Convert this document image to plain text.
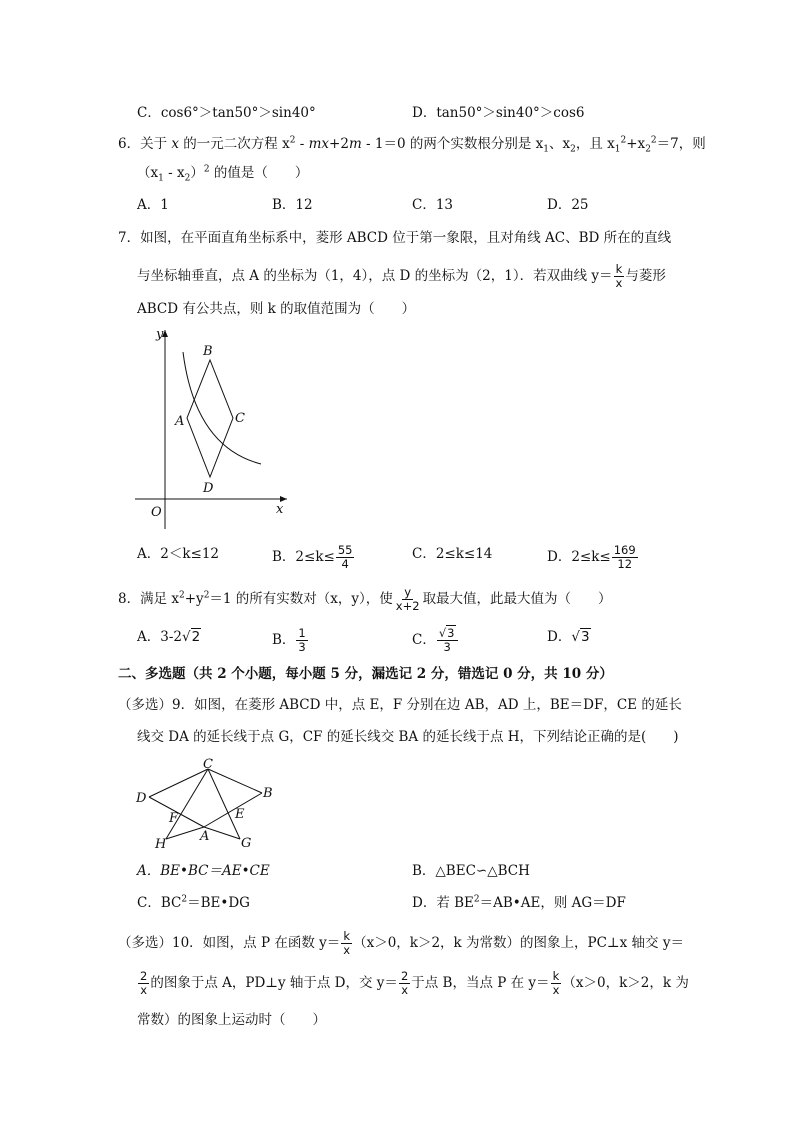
C．cos6°＞tan50°＞sin40°	D．tan50°＞sin40°＞cos6
6．关于 x 的一元二次方程 $x^2 - mx+2m - 1=0$ 的两个实数根分别是 $x_1$、$x_2$，且 $x_1^2+x_2^2=7$，则
$(x_1 - x_2)^2$ 的值是（　　）
A．1	B．12	C．13	D．25
7．如图，在平面直角坐标系中，菱形 ABCD 位于第一象限，且对角线 AC、BD 所在的直线
与坐标轴垂直，点 A 的坐标为（1，4），点 D 的坐标为（2，1）．若双曲线 $y= \frac{k}{x}$ 与菱形
ABCD 有公共点，则 k 的取值范围为（　　）
y
B
A	C
D
O	x
A．2＜k≤12	B．$2\le k\le \frac{55}{4}$	C．2≤k≤14	D．$2\le k\le \frac{169}{12}$
8．满足 $x^2+y^2=1$ 的所有实数对（x，y），使 $\frac{y}{x+2}$ 取最大值，此最大值为（　　）
A．3-2√2	B． $\frac{1}{3}$	C． $\frac{√3}{3}$	D．√3
二、多选题（共 2 个小题，每小题 5 分，漏选记 2 分，错选记 0 分，共 10 分）
（多选）9．如图，在菱形 ABCD 中，点 E，F 分别在边 AB，AD 上，BE＝DF，CE 的延长
线交 DA 的延长线于点 G，CF 的延长线交 BA 的延长线于点 H，下列结论正确的是(　　)
C
D	B
F	E
A
H	G
A．BE•BC＝AE•CE	B．△BEC∽△BCH
C．$BC^2=BE•DG$	D．若 $BE^2=AB•AE$，则 AG＝DF
（多选）10．如图，点 P 在函数 $y= \frac{k}{x} (x>0$，k＞2，k 为常数）的图象上，PC⊥x 轴交 y＝
$\frac{2}{x}$ 的图象于点 A，PD⊥y 轴于点 D，交 $y= \frac{2}{x}$ 于点 B，当点 P 在 $y= \frac{k}{x} (x>0$，k＞2，k 为
常数）的图象上运动时（　　）
